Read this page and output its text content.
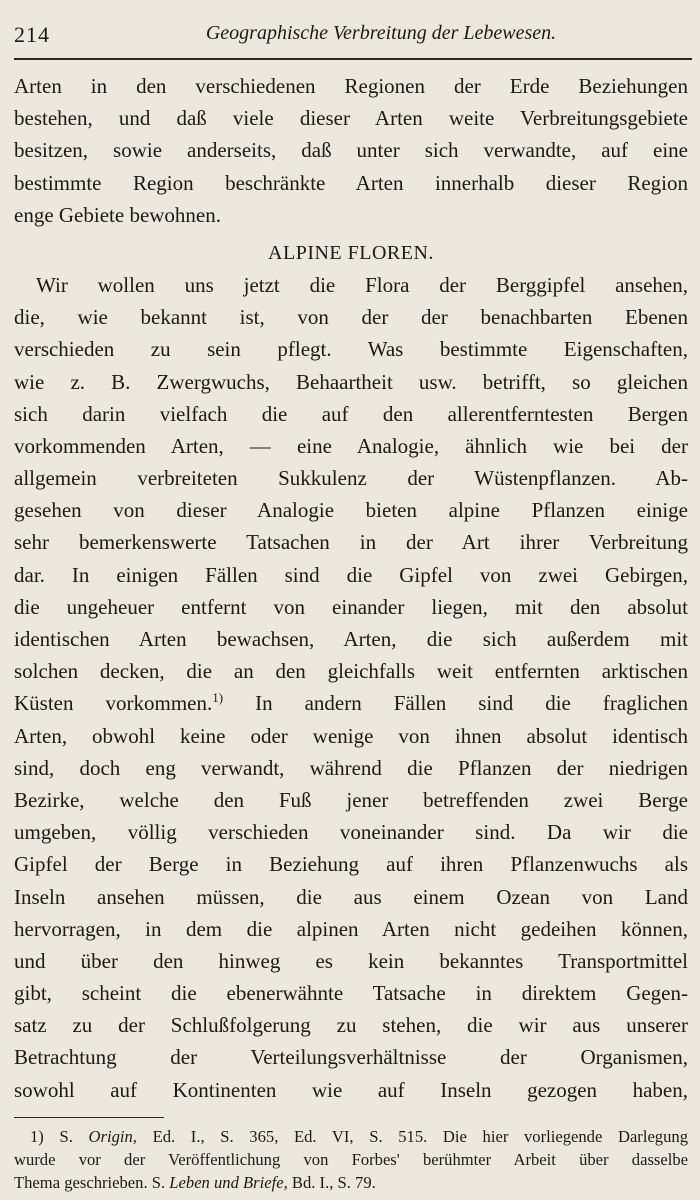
214	Geographische Verbreitung der Lebewesen.
Arten in den verschiedenen Regionen der Erde Beziehungen
bestehen, und daß viele dieser Arten weite Verbreitungsgebiete
besitzen, sowie anderseits, daß unter sich verwandte, auf eine
bestimmte Region beschränkte Arten innerhalb dieser Region
enge Gebiete bewohnen.
ALPINE FLOREN.
Wir wollen uns jetzt die Flora der Berggipfel ansehen,
die, wie bekannt ist, von der der benachbarten Ebenen
verschieden zu sein pflegt. Was bestimmte Eigenschaften,
wie z. B. Zwergwuchs, Behaartheit usw. betrifft, so gleichen
sich darin vielfach die auf den allerentferntesten Bergen
vorkommenden Arten, — eine Analogie, ähnlich wie bei der
allgemein verbreiteten Sukkulenz der Wüstenpflanzen. Ab-
gesehen von dieser Analogie bieten alpine Pflanzen einige
sehr bemerkenswerte Tatsachen in der Art ihrer Verbreitung
dar. In einigen Fällen sind die Gipfel von zwei Gebirgen,
die ungeheuer entfernt von einander liegen, mit den absolut
identischen Arten bewachsen, Arten, die sich außerdem mit
solchen decken, die an den gleichfalls weit entfernten arktischen
Küsten vorkommen.$^{1)}$ In andern Fällen sind die fraglichen
Arten, obwohl keine oder wenige von ihnen absolut identisch
sind, doch eng verwandt, während die Pflanzen der niedrigen
Bezirke, welche den Fuß jener betreffenden zwei Berge
umgeben, völlig verschieden voneinander sind. Da wir die
Gipfel der Berge in Beziehung auf ihren Pflanzenwuchs als
Inseln ansehen müssen, die aus einem Ozean von Land
hervorragen, in dem die alpinen Arten nicht gedeihen können,
und über den hinweg es kein bekanntes Transportmittel
gibt, scheint die ebenerwähnte Tatsache in direktem Gegen-
satz zu der Schlußfolgerung zu stehen, die wir aus unserer
Betrachtung der Verteilungsverhältnisse der Organismen,
sowohl auf Kontinenten wie auf Inseln gezogen haben,
1) S. Origin, Ed. I., S. 365, Ed. VI, S. 515. Die hier vorliegende Darlegung
wurde vor der Veröffentlichung von Forbes' berühmter Arbeit über dasselbe
Thema geschrieben. S. Leben und Briefe, Bd. I., S. 79.
